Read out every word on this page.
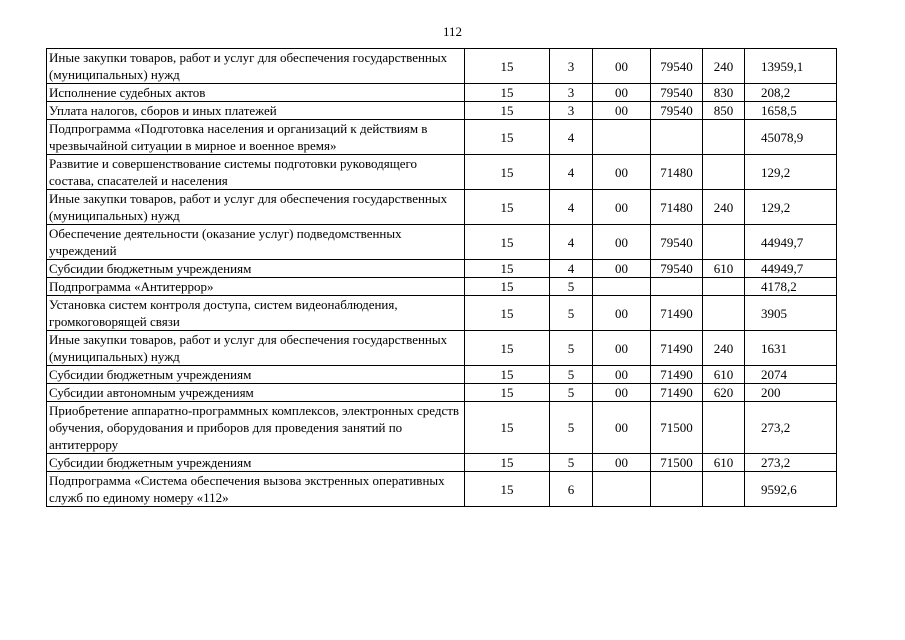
112
Иные закупки товаров, работ и услуг для обеспечения государственных (муниципальных) нужд	15	3	00	79540	240	13959,1
Исполнение судебных актов	15	3	00	79540	830	208,2
Уплата налогов, сборов и иных платежей	15	3	00	79540	850	1658,5
Подпрограмма «Подготовка населения и организаций к действиям в чрезвычайной ситуации в мирное и военное время»	15	4				45078,9
Развитие и совершенствование системы подготовки руководящего состава, спасателей и населения	15	4	00	71480		129,2
Иные закупки товаров, работ и услуг для обеспечения государственных (муниципальных) нужд	15	4	00	71480	240	129,2
Обеспечение деятельности (оказание услуг) подведомственных учреждений	15	4	00	79540		44949,7
Субсидии бюджетным учреждениям	15	4	00	79540	610	44949,7
Подпрограмма «Антитеррор»	15	5				4178,2
Установка систем контроля доступа, систем видеонаблюдения, громкоговорящей связи	15	5	00	71490		3905
Иные закупки товаров, работ и услуг для обеспечения государственных (муниципальных) нужд	15	5	00	71490	240	1631
Субсидии бюджетным учреждениям	15	5	00	71490	610	2074
Субсидии автономным учреждениям	15	5	00	71490	620	200
Приобретение аппаратно-программных комплексов, электронных средств обучения, оборудования и приборов для проведения занятий по антитеррору	15	5	00	71500		273,2
Субсидии бюджетным учреждениям	15	5	00	71500	610	273,2
Подпрограмма «Система обеспечения вызова экстренных оперативных служб по единому номеру «112»	15	6				9592,6
